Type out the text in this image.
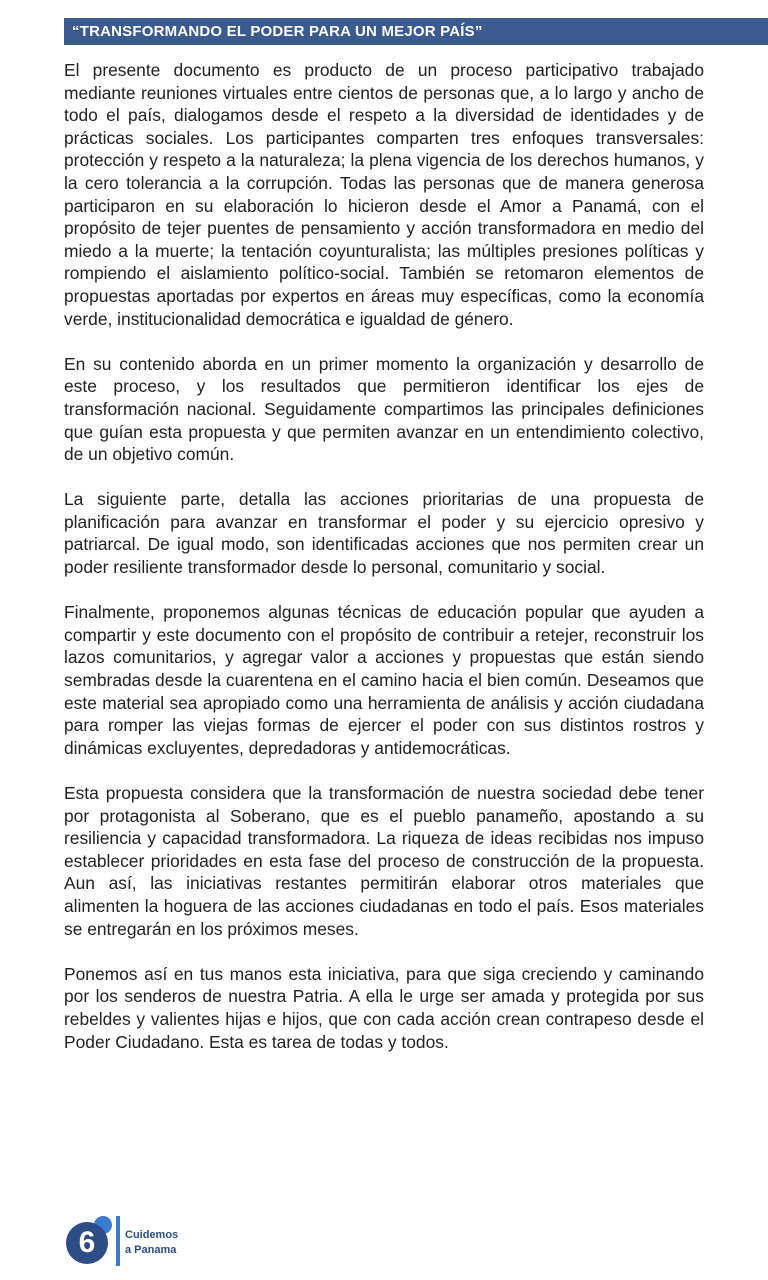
“TRANSFORMANDO EL PODER PARA UN MEJOR PAÍS”

El presente documento es producto de un proceso participativo trabajado mediante reuniones virtuales entre cientos de personas que, a lo largo y ancho de todo el país, dialogamos desde el respeto a la diversidad de identidades y de prácticas sociales. Los participantes comparten tres enfoques transversales: protección y respeto a la naturaleza; la plena vigencia de los derechos humanos, y la cero tolerancia a la corrupción. Todas las personas que de manera generosa participaron en su elaboración lo hicieron desde el Amor a Panamá, con el propósito de tejer puentes de pensamiento y acción transformadora en medio del miedo a la muerte; la tentación coyunturalista; las múltiples presiones políticas y rompiendo el aislamiento político-social. También se retomaron elementos de propuestas aportadas por expertos en áreas muy específicas, como la economía verde, institucionalidad democrática e igualdad de género.

En su contenido aborda en un primer momento la organización y desarrollo de este proceso, y los resultados que permitieron identificar los ejes de transformación nacional. Seguidamente compartimos las principales definiciones que guían esta propuesta y que permiten avanzar en un entendimiento colectivo, de un objetivo común.

La siguiente parte, detalla las acciones prioritarias de una propuesta de planificación para avanzar en transformar el poder y su ejercicio opresivo y patriarcal. De igual modo, son identificadas acciones que nos permiten crear un poder resiliente transformador desde lo personal, comunitario y social.

Finalmente, proponemos algunas técnicas de educación popular que ayuden a compartir y este documento con el propósito de contribuir a retejer, reconstruir los lazos comunitarios, y agregar valor a acciones y propuestas que están siendo sembradas desde la cuarentena en el camino hacia el bien común. Deseamos que este material sea apropiado como una herramienta de análisis y acción ciudadana para romper las viejas formas de ejercer el poder con sus distintos rostros y dinámicas excluyentes, depredadoras y antidemocráticas.

Esta propuesta considera que la transformación de nuestra sociedad debe tener por protagonista al Soberano, que es el pueblo panameño, apostando a su resiliencia y capacidad transformadora. La riqueza de ideas recibidas nos impuso establecer prioridades en esta fase del proceso de construcción de la propuesta. Aun así, las iniciativas restantes permitirán elaborar otros materiales que alimenten la hoguera de las acciones ciudadanas en todo el país. Esos materiales se entregarán en los próximos meses.

Ponemos así en tus manos esta iniciativa, para que siga creciendo y caminando por los senderos de nuestra Patria. A ella le urge ser amada y protegida por sus rebeldes y valientes hijas e hijos, que con cada acción crean contrapeso desde el Poder Ciudadano. Esta es tarea de todas y todos.

6	Cuidemos
a Panama
